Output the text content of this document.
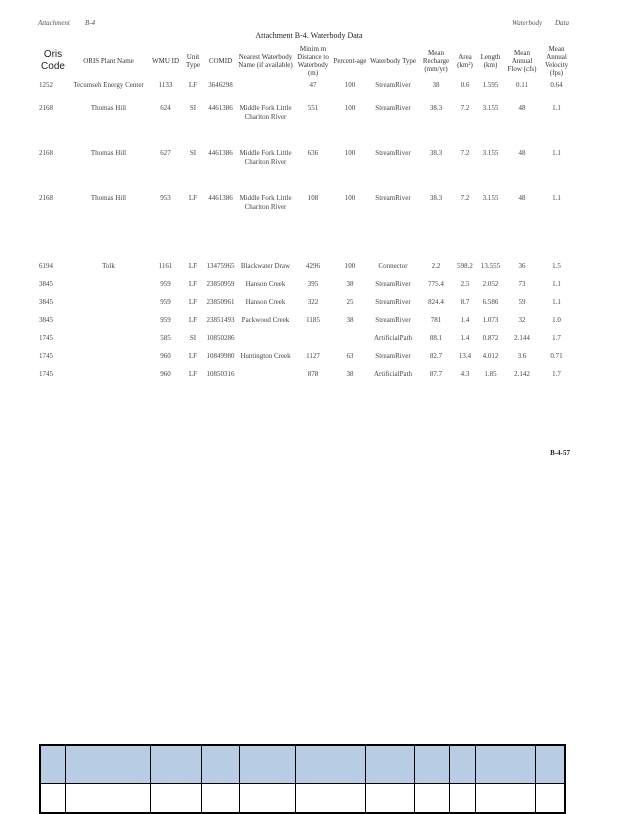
Attachment B-4	Waterbody Data
Attachment B-4. Waterbody Data
Oris Code	ORIS Plant Name	WMU ID	Unit Type	COMID	Nearest Waterbody Name (if available)	Minim m Distance to Waterbody (m)	Percent-age	Waterbody Type	Mean Recharge (mm/yr)	Area (km²)	Length (km)	Mean Annual Flow (cfs)	Mean Annual Velocity (fps)
1252	Tecumseh Energy Center	1133	LF	3646298		47	100	StreamRiver	38	0.6	1.595	0.11	0.64
2168	Thomas Hill	624	SI	4461386	Middle Fork Little Chariton River	551	100	StreamRiver	38.3	7.2	3.155	48	1.1
2168	Thomas Hill	627	SI	4461386	Middle Fork Little Chariton River	636	100	StreamRiver	38.3	7.2	3.155	48	1.1
2168	Thomas Hill	953	LF	4461386	Middle Fork Little Chariton River	108	100	StreamRiver	38.3	7.2	3.155	48	1.1
6194	Tolk	1161	LF	13475965	Blackwater Draw	4296	100	Connector	2.2	598.2	13.555	36	1.5
3845		959	LF	23850959	Hanson Creek	395	38	StreamRiver	775.4	2.5	2.052	73	1.1
3845		959	LF	23850961	Hanson Creek	322	25	StreamRiver	824.4	8.7	6.586	59	1.1
3845		959	LF	23851493	Packwood Creek	1185	38	StreamRiver	781	1.4	1.073	32	1.0
1745		585	SI	10850286				ArtificialPath	88.1	1.4	0.872	2.144	1.7
1745		960	LF	10849980	Huntington Creek	1127	63	StreamRiver	82.7	13.4	4.012	3.6	0.71
1745		960	LF	10850316		878	38	ArtificialPath	87.7	4.3	1.85	2.142	1.7
B-4-57
